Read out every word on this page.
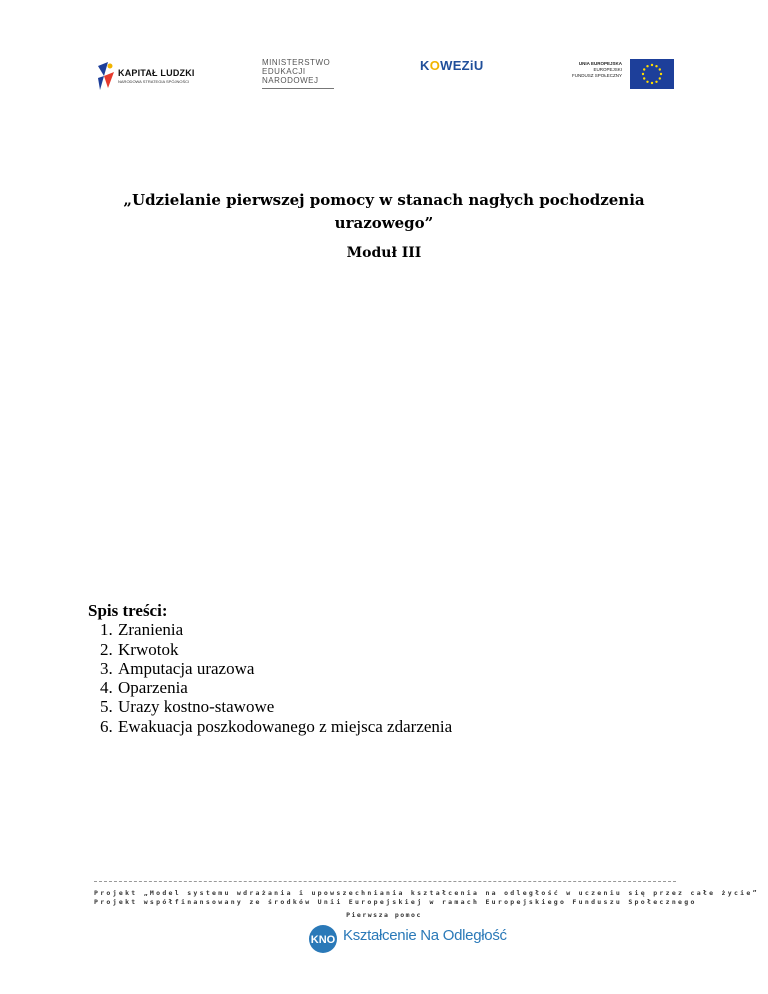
KAPITAŁ LUDZKI
NARODOWA STRATEGIA SPÓJNOŚCI
MINISTERSTWO
EDUKACJI
NARODOWEJ
KOWEZiU	UNIA EUROPEJSKA
EUROPEJSKI
FUNDUSZ SPOŁECZNY
„Udzielanie pierwszej pomocy w stanach nagłych pochodzenia urazowego”
Moduł III
Spis treści:
1. Zranienia
2. Krwotok
3. Amputacja urazowa
4. Oparzenia
5. Urazy kostno-stawowe
6. Ewakuacja poszkodowanego z miejsca zdarzenia
Projekt „Model systemu wdrażania i upowszechniania kształcenia na odległość w uczeniu się przez całe życie”
Projekt współfinansowany ze środków Unii Europejskiej w ramach Europejskiego Funduszu Społecznego
Pierwsza pomoc
KNO Kształcenie Na Odległość
